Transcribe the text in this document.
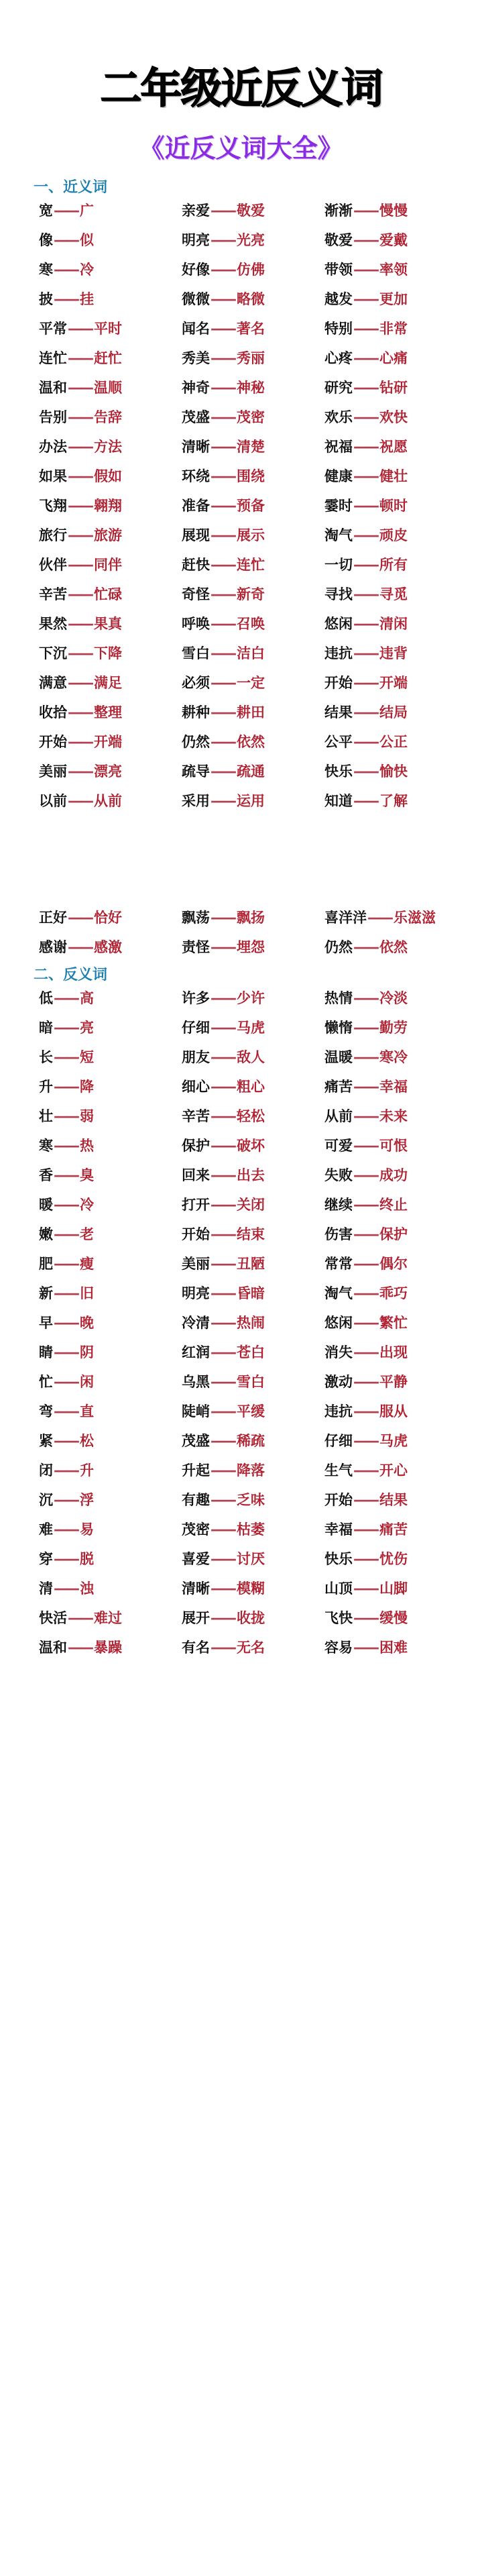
二年级近反义词
《近反义词大全》
一、近义词
宽—— 广	亲爱—— 敬爱	渐渐—— 慢慢
像—— 似	明亮—— 光亮	敬爱—— 爱戴
寒—— 冷	好像—— 仿佛	带领—— 率领
披—— 挂	微微—— 略微	越发—— 更加
平常—— 平时	闻名—— 著名	特别—— 非常
连忙—— 赶忙	秀美—— 秀丽	心疼—— 心痛
温和—— 温顺	神奇—— 神秘	研究—— 钻研
告别—— 告辞	茂盛—— 茂密	欢乐—— 欢快
办法—— 方法	清晰—— 清楚	祝福—— 祝愿
如果—— 假如	环绕—— 围绕	健康—— 健壮
飞翔—— 翱翔	准备—— 预备	霎时—— 顿时
旅行—— 旅游	展现—— 展示	淘气—— 顽皮
伙伴—— 同伴	赶快—— 连忙	一切—— 所有
辛苦—— 忙碌	奇怪—— 新奇	寻找—— 寻觅
果然—— 果真	呼唤—— 召唤	悠闲—— 清闲
下沉—— 下降	雪白—— 洁白	违抗—— 违背
满意—— 满足	必须—— 一定	开始—— 开端
收拾—— 整理	耕种—— 耕田	结果—— 结局
开始—— 开端	仍然—— 依然	公平—— 公正
美丽—— 漂亮	疏导—— 疏通	快乐—— 愉快
以前—— 从前	采用—— 运用	知道—— 了解
正好—— 恰好	飘荡—— 飘扬	喜洋洋—— 乐滋滋
感谢—— 感激	责怪—— 埋怨	仍然—— 依然
二、反义词
低—— 高	许多—— 少许	热情—— 冷淡
暗—— 亮	仔细—— 马虎	懒惰—— 勤劳
长—— 短	朋友—— 敌人	温暖—— 寒冷
升—— 降	细心—— 粗心	痛苦—— 幸福
壮—— 弱	辛苦—— 轻松	从前—— 未来
寒—— 热	保护—— 破坏	可爱—— 可恨
香—— 臭	回来—— 出去	失败—— 成功
暖—— 冷	打开—— 关闭	继续—— 终止
嫩—— 老	开始—— 结束	伤害—— 保护
肥—— 瘦	美丽—— 丑陋	常常—— 偶尔
新—— 旧	明亮—— 昏暗	淘气—— 乖巧
早—— 晚	冷清—— 热闹	悠闲—— 繁忙
睛—— 阴	红润—— 苍白	消失—— 出现
忙—— 闲	乌黑—— 雪白	激动—— 平静
弯—— 直	陡峭—— 平缓	违抗—— 服从
紧—— 松	茂盛—— 稀疏	仔细—— 马虎
闭—— 升	升起—— 降落	生气—— 开心
沉—— 浮	有趣—— 乏味	开始—— 结果
难—— 易	茂密—— 枯萎	幸福—— 痛苦
穿—— 脱	喜爱—— 讨厌	快乐—— 忧伤
清—— 浊	清晰—— 模糊	山顶—— 山脚
快活—— 难过	展开—— 收拢	飞快—— 缓慢
温和—— 暴躁	有名—— 无名	容易—— 困难
